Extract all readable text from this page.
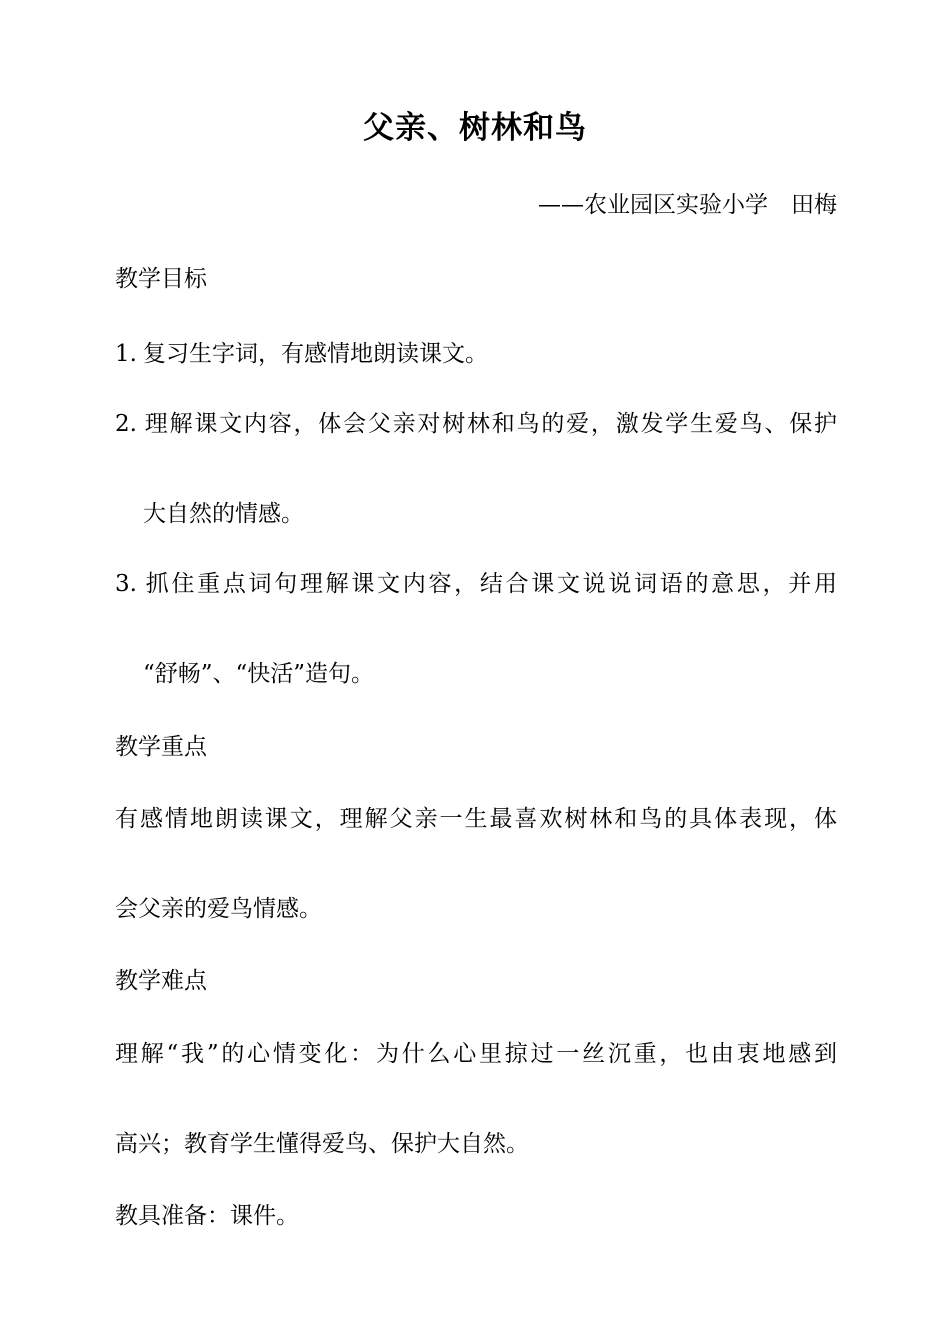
父亲、树林和鸟
——农业园区实验小学　田梅
教学目标
1. 复习生字词，有感情地朗读课文。
2. 理解课文内容，体会父亲对树林和鸟的爱，激发学生爱鸟、保护
大自然的情感。
3. 抓住重点词句理解课文内容，结合课文说说词语的意思，并用
“舒畅”、“快活”造句。
教学重点
有感情地朗读课文，理解父亲一生最喜欢树林和鸟的具体表现，体
会父亲的爱鸟情感。
教学难点
理解“我”的心情变化：为什么心里掠过一丝沉重，也由衷地感到
高兴；教育学生懂得爱鸟、保护大自然。
教具准备：课件。
